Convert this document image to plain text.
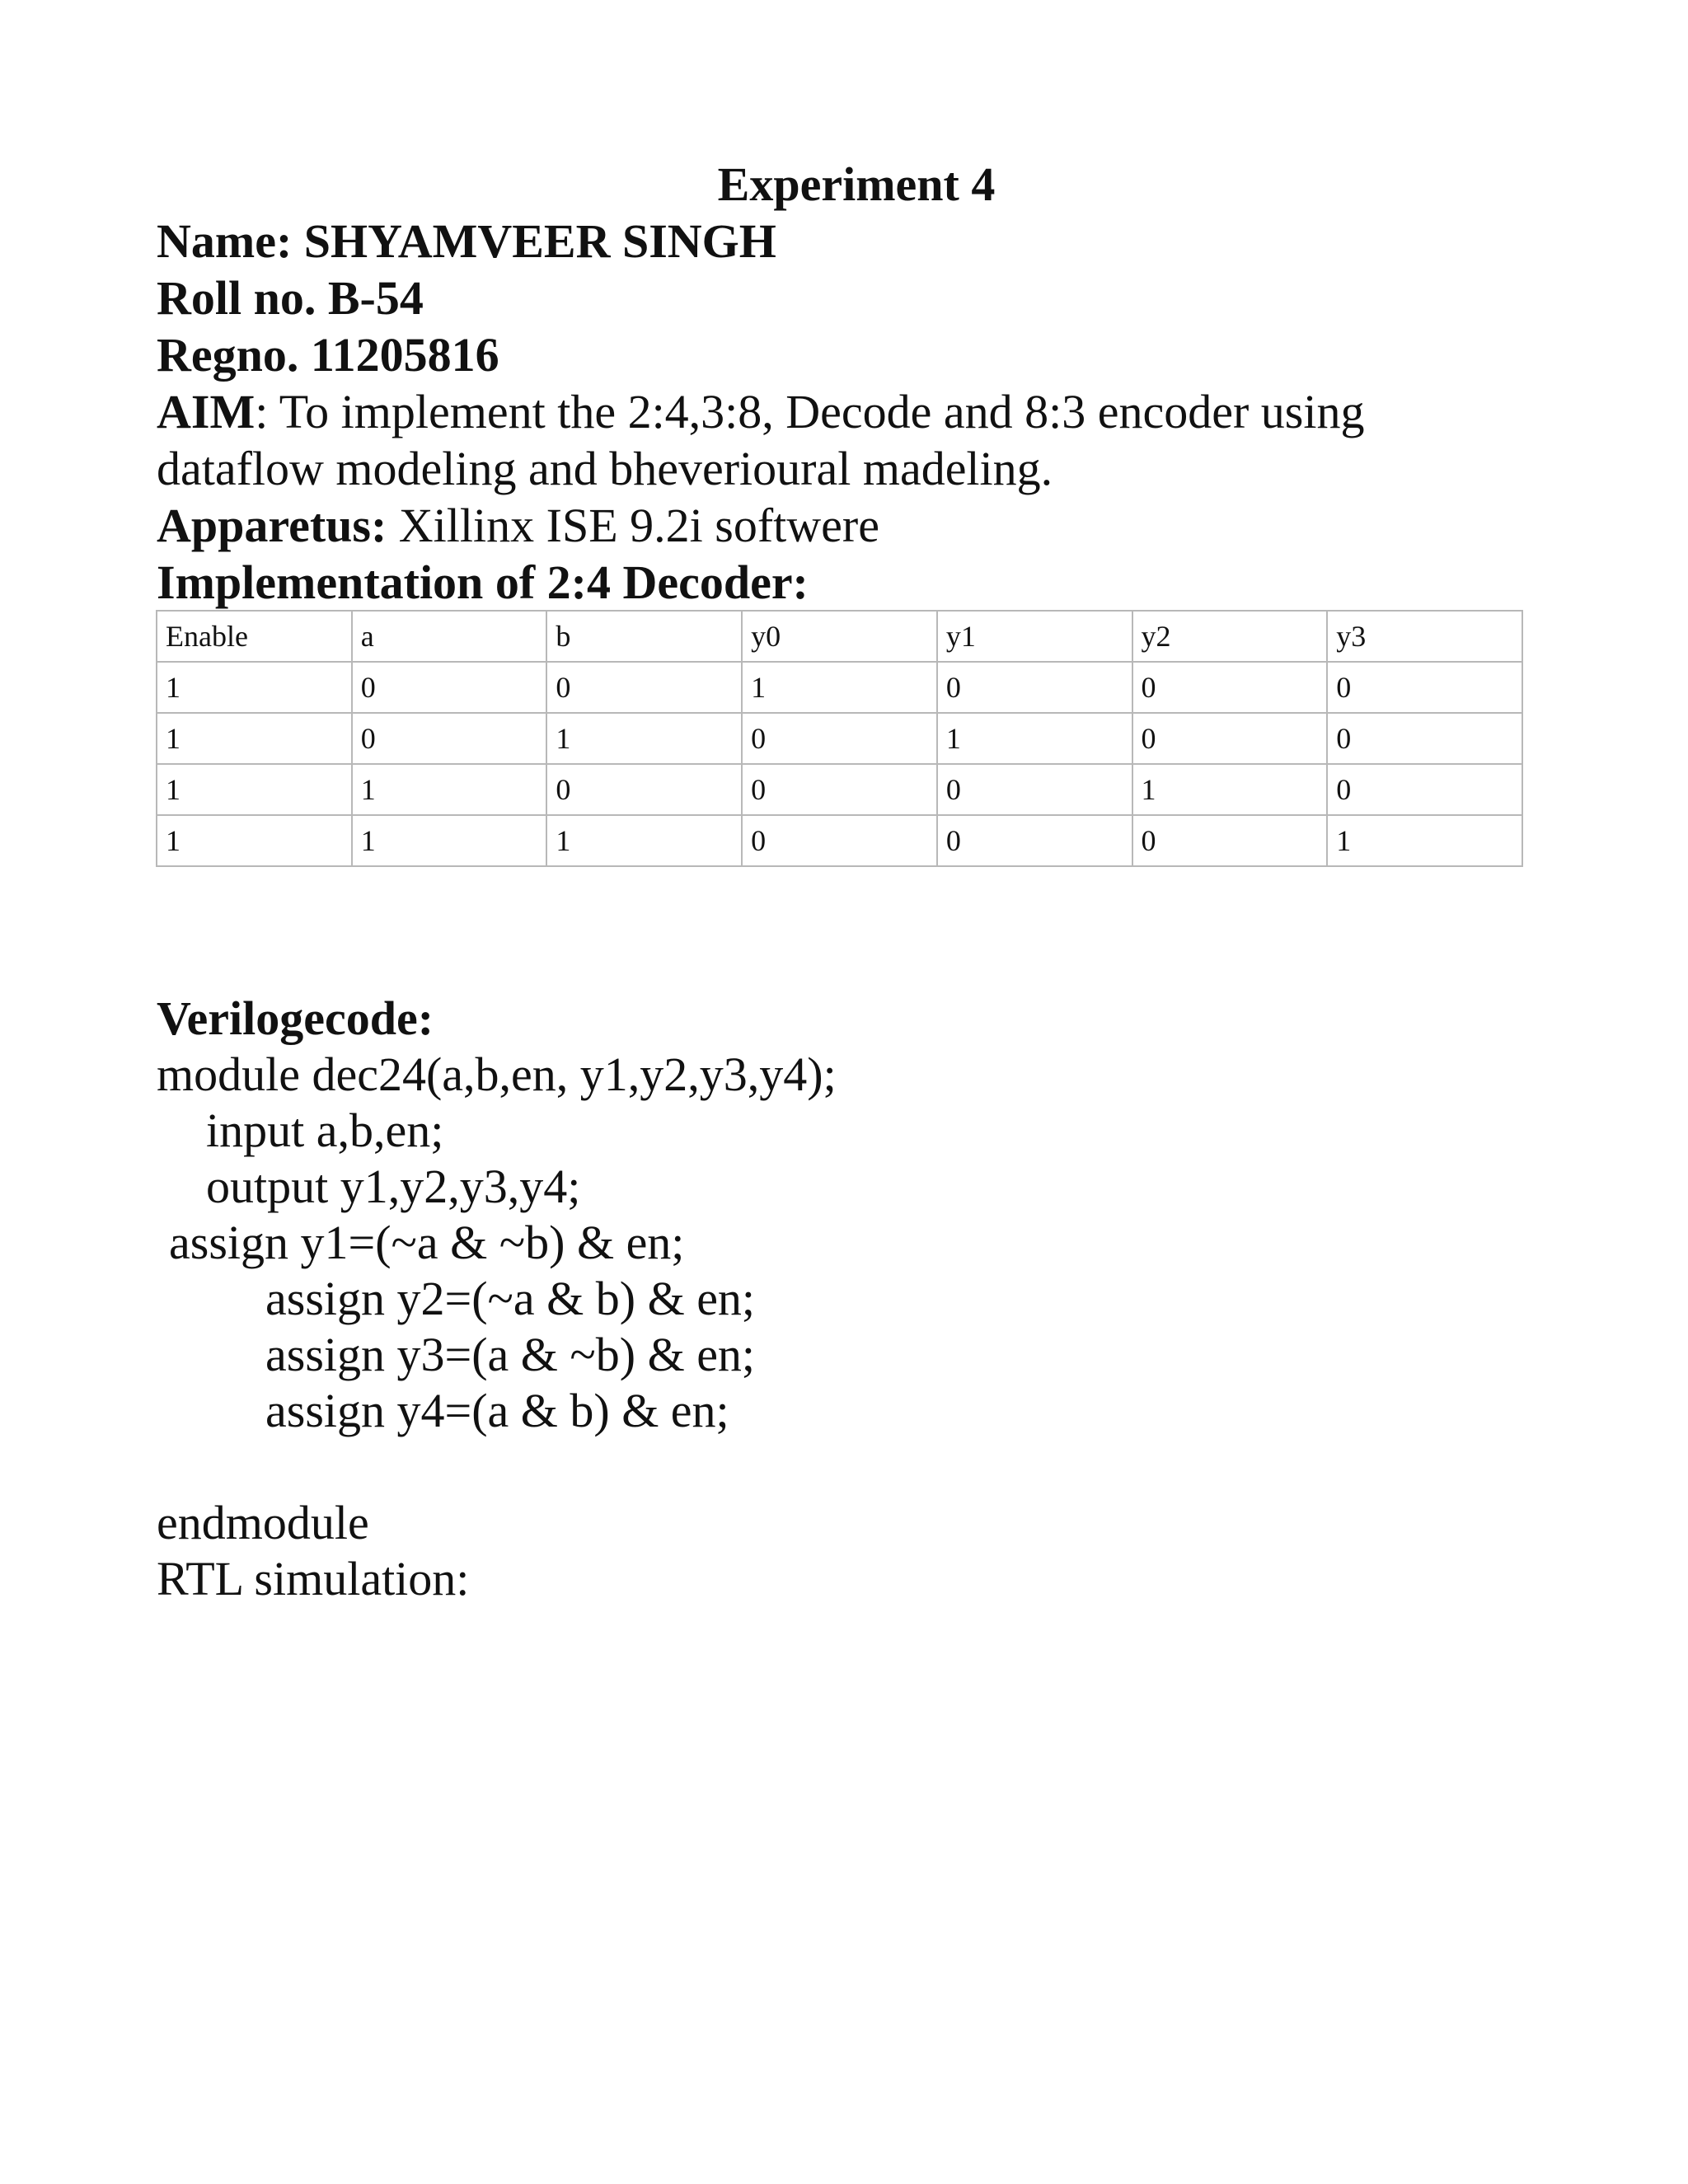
Experiment 4
Name: SHYAMVEER SINGH
Roll no. B-54
Regno. 11205816
AIM: To implement the 2:4,3:8, Decode and 8:3 encoder using
dataflow modeling and bheverioural madeling.
Apparetus: Xillinx ISE 9.2i softwere
Implementation of 2:4 Decoder:
Enable	a	b	y0	y1	y2	y3
1	0	0	1	0	0	0
1	0	1	0	1	0	0
1	1	0	0	0	1	0
1	1	1	0	0	0	1
Verilogecode:
module dec24(a,b,en, y1,y2,y3,y4);
input a,b,en;
output y1,y2,y3,y4;
assign y1=(~a & ~b) & en;
assign y2=(~a & b) & en;
assign y3=(a & ~b) & en;
assign y4=(a & b) & en;
endmodule
RTL simulation:
